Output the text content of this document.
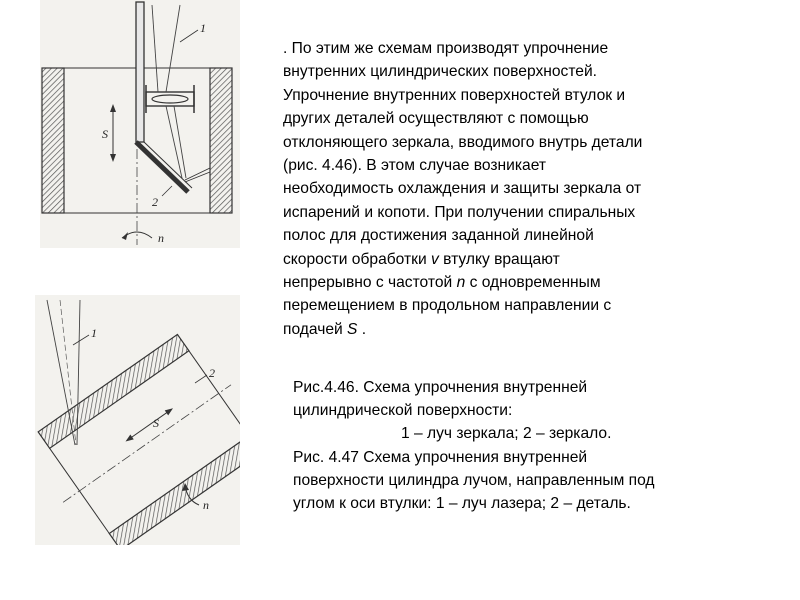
1
2
S
n
1
2
S
n
. По этим же схемам производят упрочнение
внутренних цилиндрических поверхностей.
Упрочнение внутренних поверхностей втулок и
других деталей осуществляют с помощью
отклоняющего зеркала, вводимого внутрь детали
(рис. 4.46). В этом случае возникает
необходимость охлаждения и защиты зеркала от
испарений и копоти. При получении спиральных
полос для достижения заданной линейной
скорости обработки v втулку вращают
непрерывно с частотой n с одновременным
перемещением в продольном направлении с
подачей S .
Рис.4.46. Схема упрочнения внутренней
цилиндрической поверхности:
1 – луч зеркала; 2 – зеркало.
Рис. 4.47 Схема упрочнения внутренней
поверхности цилиндра лучом, направленным под
углом к оси втулки: 1 – луч лазера; 2 – деталь.
